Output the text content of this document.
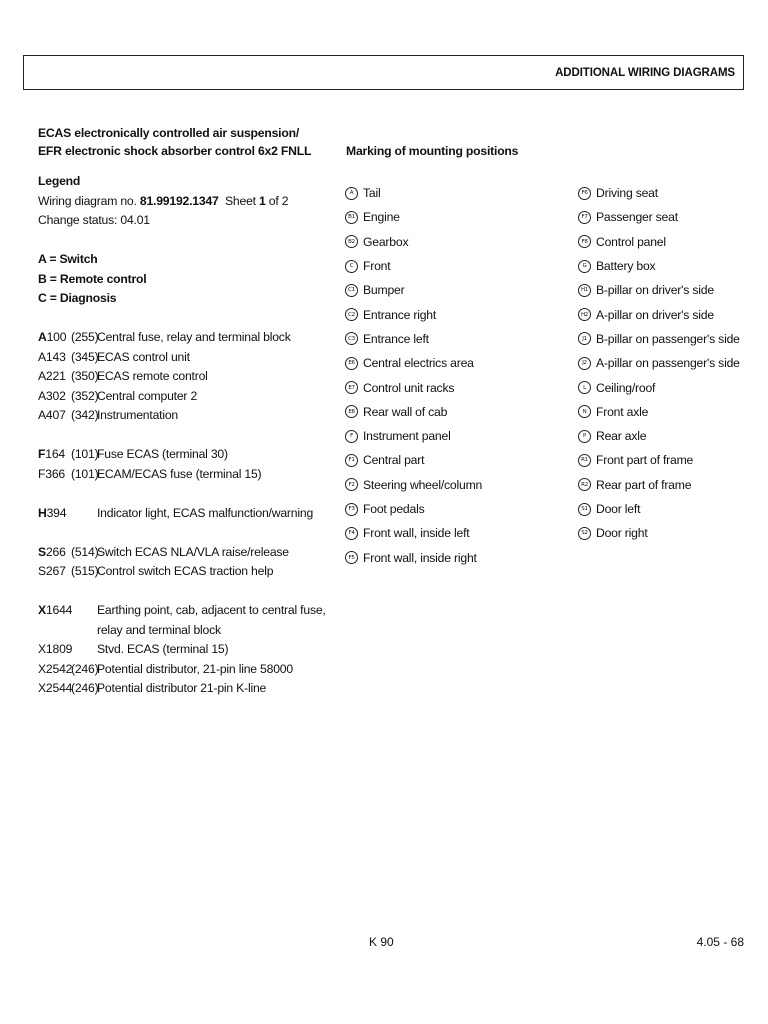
ADDITIONAL WIRING DIAGRAMS
ECAS electronically controlled air suspension/
EFR electronic shock absorber control 6x2 FNLL
Legend
Wiring diagram no. 81.99192.1347  Sheet 1 of 2
Change status: 04.01
A = Switch
B = Remote control
C = Diagnosis
A100 (255)
Central fuse, relay and terminal block
A143 (345)
ECAS control unit
A221 (350)
ECAS remote control
A302 (352)
Central computer 2
A407 (342)
Instrumentation
F164 (101)
Fuse ECAS (terminal 30)
F366 (101)
ECAM/ECAS fuse (terminal 15)
H394	Indicator light, ECAS malfunction/warning
S266 (514)
Switch ECAS NLA/VLA raise/release
S267 (515)
Control switch ECAS traction help
X1644 Earthing point, cab, adjacent to central fuse,
relay and terminal block
X1809 Stvd. ECAS (terminal 15)
X2542
(246)
Potential distributor, 21-pin line 58000
X2544
(246)
Potential distributor 21-pin K-line
Marking of mounting positions
A Tail
B1 Engine
B2 Gearbox
C Front
C1 Bumper
C2 Entrance right
C3 Entrance left
E6 Central electrics area
E7 Control unit racks
E8 Rear wall of cab
F Instrument panel
F1 Central part
F2 Steering wheel/column
F3 Foot pedals
F4 Front wall, inside left
F5 Front wall, inside right
F6 Driving seat
F7 Passenger seat
F8 Control panel
G Battery box
H1 B-pillar on driver's side
H2 A-pillar on driver's side
J1 B-pillar on passenger's side
J2 A-pillar on passenger's side
L Ceiling/roof
N Front axle
P Rear axle
R1 Front part of frame
R2 Rear part of frame
S1 Door left
S2 Door right
K 90	4.05 - 68
